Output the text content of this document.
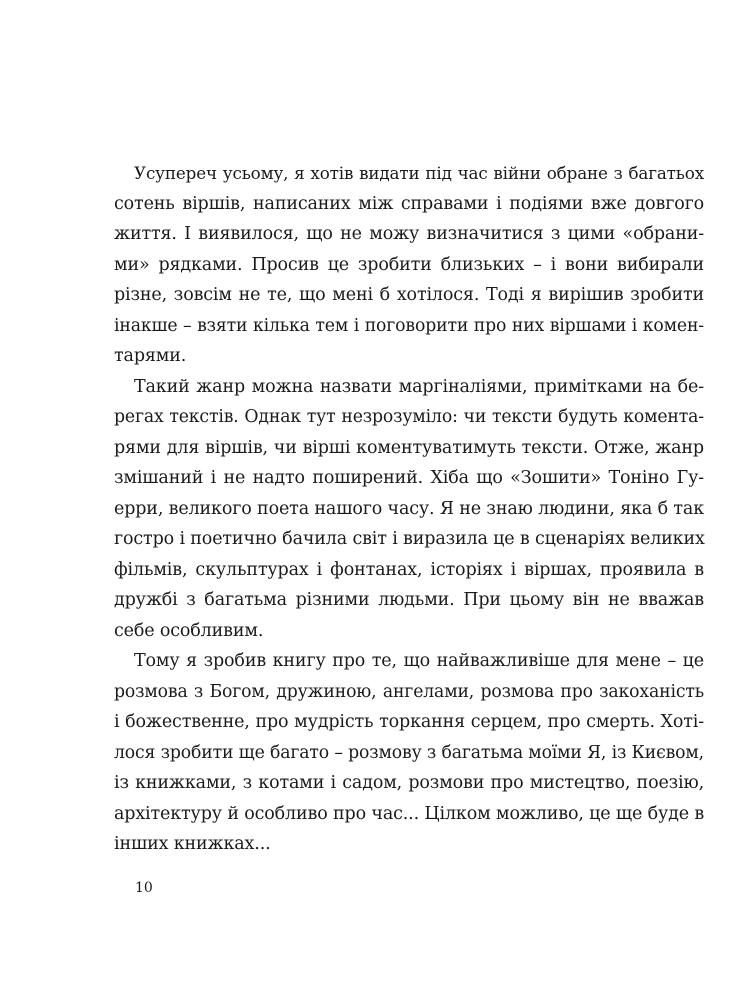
Усупереч усьому, я хотів видати під час війни обране з багатьох
сотень віршів, написаних між справами і подіями вже довгого
життя. І виявилося, що не можу визначитися з цими «обрани-
ми» рядками. Просив це зробити близьких – і вони вибирали
різне, зовсім не те, що мені б хотілося. Тоді я вирішив зробити
інакше – взяти кілька тем і поговорити про них віршами і комен-
тарями.
Такий жанр можна назвати маргіналіями, примітками на бе-
регах текстів. Однак тут незрозуміло: чи тексти будуть комента-
рями для віршів, чи вірші коментуватимуть тексти. Отже, жанр
змішаний і не надто поширений. Хіба що «Зошити» Тоніно Гу-
ерри, великого поета нашого часу. Я не знаю людини, яка б так
гостро і поетично бачила світ і виразила це в сценаріях великих
фільмів, скульптурах і фонтанах, історіях і віршах, проявила в
дружбі з багатьма різними людьми. При цьому він не вважав
себе особливим.
Тому я зробив книгу про те, що найважливіше для мене – це
розмова з Богом, дружиною, ангелами, розмова про закоханість
і божественне, про мудрість торкання серцем, про смерть. Хоті-
лося зробити ще багато – розмову з багатьма моїми Я, із Києвом,
із книжками, з котами і садом, розмови про мистецтво, поезію,
архітектуру й особливо про час... Цілком можливо, це ще буде в
інших книжках...
10
